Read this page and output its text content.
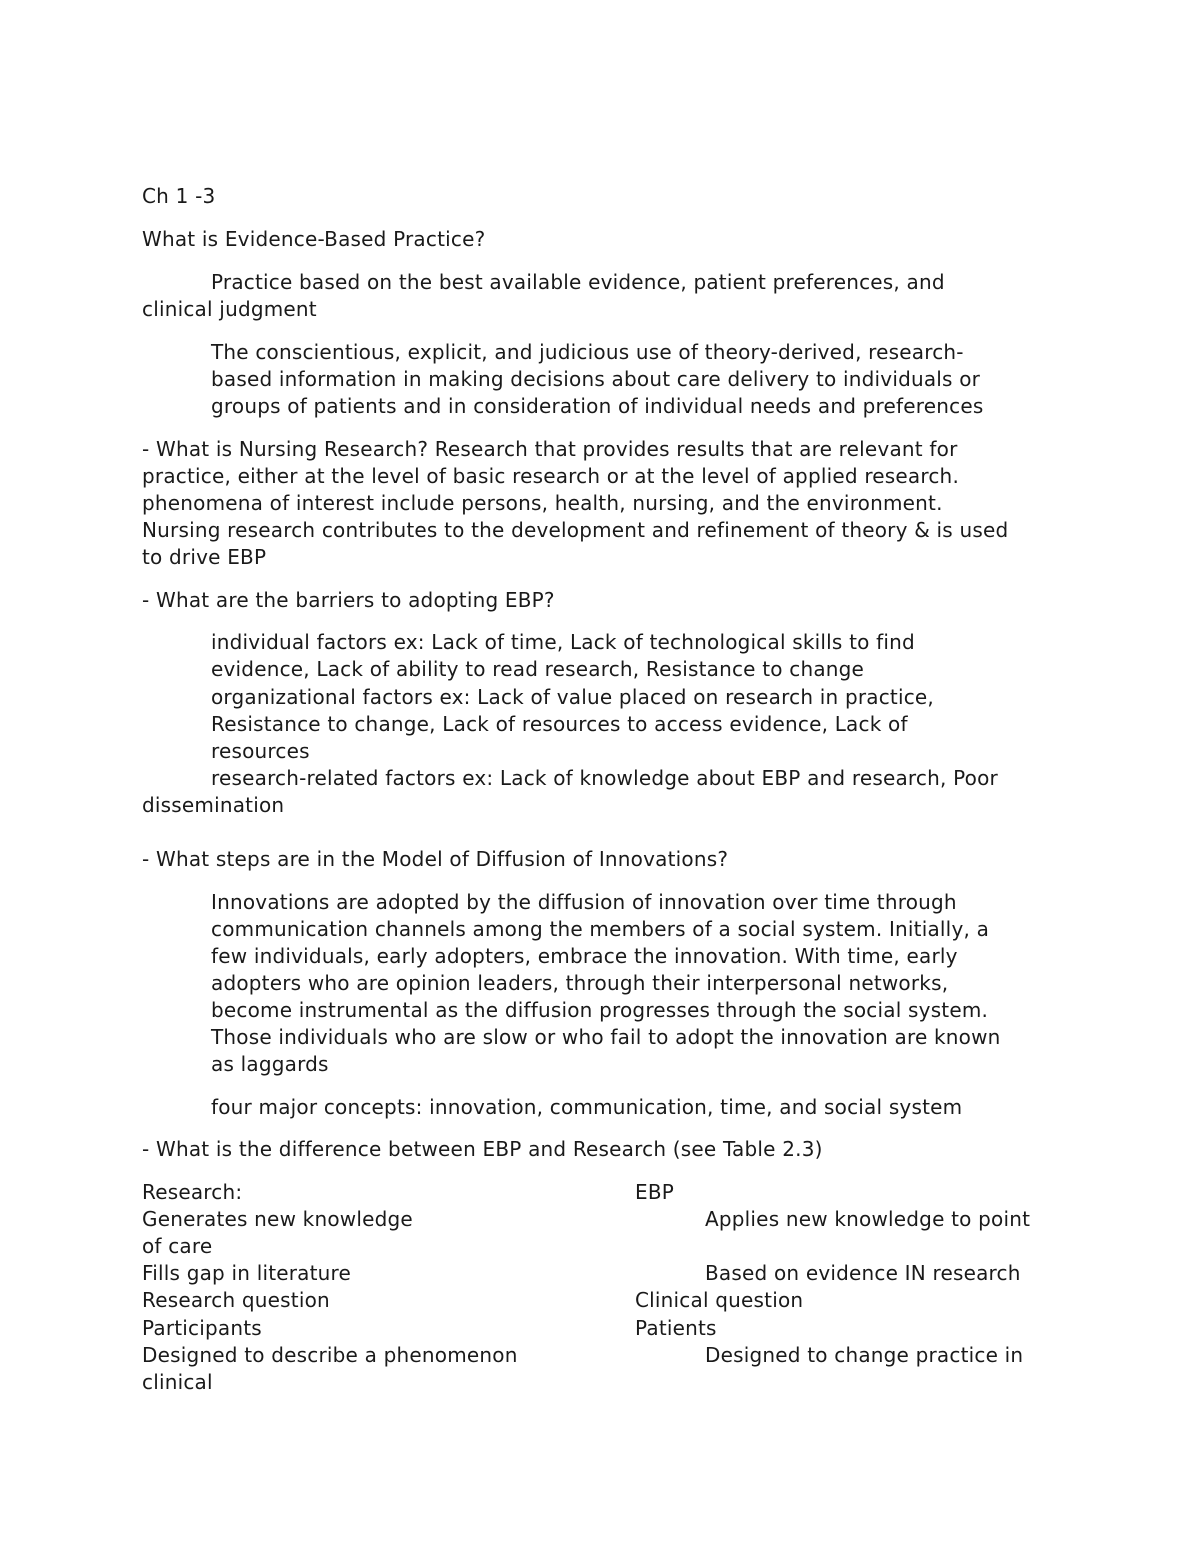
Ch 1 -3
What is Evidence-Based Practice?
Practice based on the best available evidence, patient preferences, and
clinical judgment
The conscientious, explicit, and judicious use of theory-derived, research-
based information in making decisions about care delivery to individuals or
groups of patients and in consideration of individual needs and preferences
- What is Nursing Research? Research that provides results that are relevant for
practice, either at the level of basic research or at the level of applied research.
phenomena of interest include persons, health, nursing, and the environment.
Nursing research contributes to the development and refinement of theory & is used
to drive EBP
- What are the barriers to adopting EBP?
individual factors ex: Lack of time, Lack of technological skills to find
evidence, Lack of ability to read research, Resistance to change
organizational factors ex: Lack of value placed on research in practice,
Resistance to change, Lack of resources to access evidence, Lack of
resources
research-related factors ex: Lack of knowledge about EBP and research, Poor
dissemination
- What steps are in the Model of Diffusion of Innovations?
Innovations are adopted by the diffusion of innovation over time through
communication channels among the members of a social system. Initially, a
few individuals, early adopters, embrace the innovation. With time, early
adopters who are opinion leaders, through their interpersonal networks,
become instrumental as the diffusion progresses through the social system.
Those individuals who are slow or who fail to adopt the innovation are known
as laggards
four major concepts: innovation, communication, time, and social system
- What is the difference between EBP and Research (see Table 2.3)
Research:	EBP
Generates new knowledge	Applies new knowledge to point
of care
Fills gap in literature	Based on evidence IN research
Research question	Clinical question
Participants	Patients
Designed to describe a phenomenon	Designed to change practice in
clinical
